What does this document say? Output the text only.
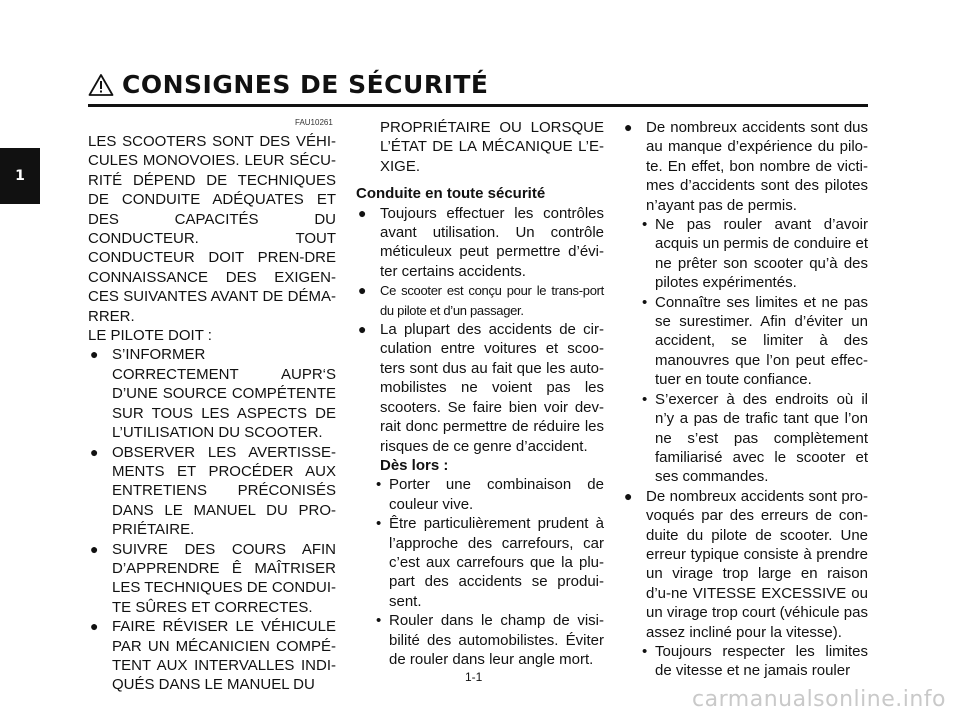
CONSIGNES DE SÉCURITÉ
1
FAU10261

LES SCOOTERS SONT DES VÉHI-CULES MONOVOIES. LEUR SÉCU-RITÉ DÉPEND DE TECHNIQUES DE CONDUITE ADÉQUATES ET DES CAPACITÉS DU CONDUCTEUR. TOUT CONDUCTEUR DOIT PREN-DRE CONNAISSANCE DES EXIGEN-CES SUIVANTES AVANT DE DÉMA-RRER.

LE PILOTE DOIT :

● S’INFORMER CORRECTEMENT AUPR‘S D’UNE SOURCE COMPÉTENTE SUR TOUS LES ASPECTS DE L’UTILISATION DU SCOOTER.

● OBSERVER LES AVERTISSE-MENTS ET PROCÉDER AUX ENTRETIENS PRÉCONISÉS DANS LE MANUEL DU PRO-PRIÉTAIRE.

● SUIVRE DES COURS AFIN D’APPRENDRE Ê MAÎTRISER LES TECHNIQUES DE CONDUI-TE SÛRES ET CORRECTES.

● FAIRE RÉVISER LE VÉHICULE PAR UN MÉCANICIEN COMPÉ-TENT AUX INTERVALLES INDI-QUÉS DANS LE MANUEL DU

PROPRIÉTAIRE OU LORSQUE L’ÉTAT DE LA MÉCANIQUE L’E-XIGE.

Conduite en toute sécurité

● Toujours effectuer les contrôles avant utilisation. Un contrôle méticuleux peut permettre d’évi-ter certains accidents.

● Ce scooter est conçu pour le trans-port du pilote et d’un passager.

● La plupart des accidents de cir-culation entre voitures et scoo-ters sont dus au fait que les auto-mobilistes ne voient pas les scooters. Se faire bien voir dev-rait donc permettre de réduire les risques de ce genre d’accident.

Dès lors :

• Porter une combinaison de couleur vive.

• Être particulièrement prudent à l’approche des carrefours, car c’est aux carrefours que la plu-part des accidents se produi-sent.

• Rouler dans le champ de visi-bilité des automobilistes. Éviter de rouler dans leur angle mort.

● De nombreux accidents sont dus au manque d’expérience du pilo-te. En effet, bon nombre de victi-mes d’accidents sont des pilotes n’ayant pas de permis.

• Ne pas rouler avant d’avoir acquis un permis de conduire et ne prêter son scooter qu’à des pilotes expérimentés.

• Connaître ses limites et ne pas se surestimer. Afin d’éviter un accident, se limiter à des manouvres que l’on peut effec-tuer en toute confiance.

• S’exercer à des endroits où il n’y a pas de trafic tant que l’on ne s’est pas complètement familiarisé avec le scooter et ses commandes.

● De nombreux accidents sont pro-voqués par des erreurs de con-duite du pilote de scooter. Une erreur typique consiste à prendre un virage trop large en raison d’u-ne VITESSE EXCESSIVE ou un virage trop court (véhicule pas assez incliné pour la vitesse).

• Toujours respecter les limites de vitesse et ne jamais rouler

1-1
carmanualsonline.info
